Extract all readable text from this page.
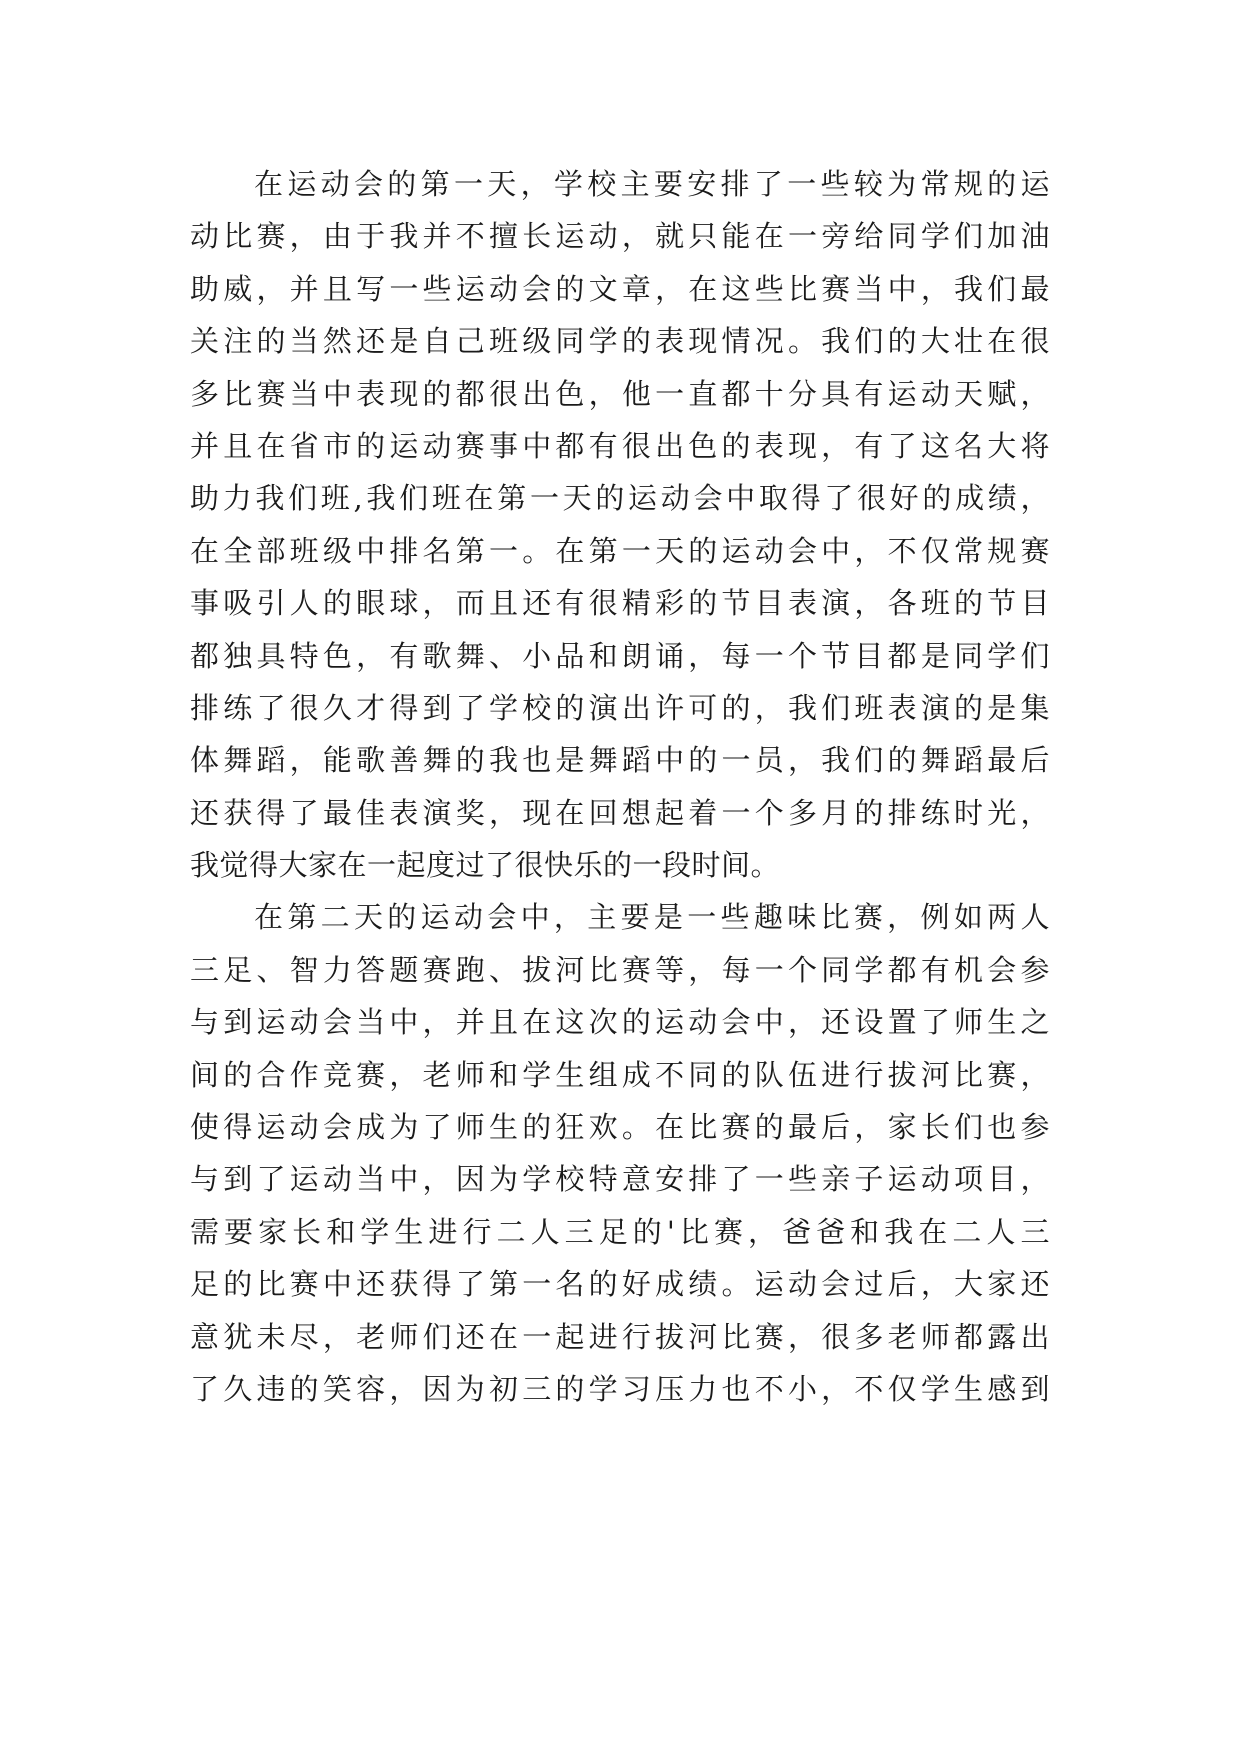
在运动会的第一天，学校主要安排了一些较为常规的运
动比赛，由于我并不擅长运动，就只能在一旁给同学们加油
助威，并且写一些运动会的文章，在这些比赛当中，我们最
关注的当然还是自己班级同学的表现情况。我们的大壮在很
多比赛当中表现的都很出色，他一直都十分具有运动天赋，
并且在省市的运动赛事中都有很出色的表现，有了这名大将
助力我们班,我们班在第一天的运动会中取得了很好的成绩，
在全部班级中排名第一。在第一天的运动会中，不仅常规赛
事吸引人的眼球，而且还有很精彩的节目表演，各班的节目
都独具特色，有歌舞、小品和朗诵，每一个节目都是同学们
排练了很久才得到了学校的演出许可的，我们班表演的是集
体舞蹈，能歌善舞的我也是舞蹈中的一员，我们的舞蹈最后
还获得了最佳表演奖，现在回想起着一个多月的排练时光，
我觉得大家在一起度过了很快乐的一段时间。
在第二天的运动会中，主要是一些趣味比赛，例如两人
三足、智力答题赛跑、拔河比赛等，每一个同学都有机会参
与到运动会当中，并且在这次的运动会中，还设置了师生之
间的合作竞赛，老师和学生组成不同的队伍进行拔河比赛，
使得运动会成为了师生的狂欢。在比赛的最后，家长们也参
与到了运动当中，因为学校特意安排了一些亲子运动项目，
需要家长和学生进行二人三足的'比赛，爸爸和我在二人三
足的比赛中还获得了第一名的好成绩。运动会过后，大家还
意犹未尽，老师们还在一起进行拔河比赛，很多老师都露出
了久违的笑容，因为初三的学习压力也不小，不仅学生感到
